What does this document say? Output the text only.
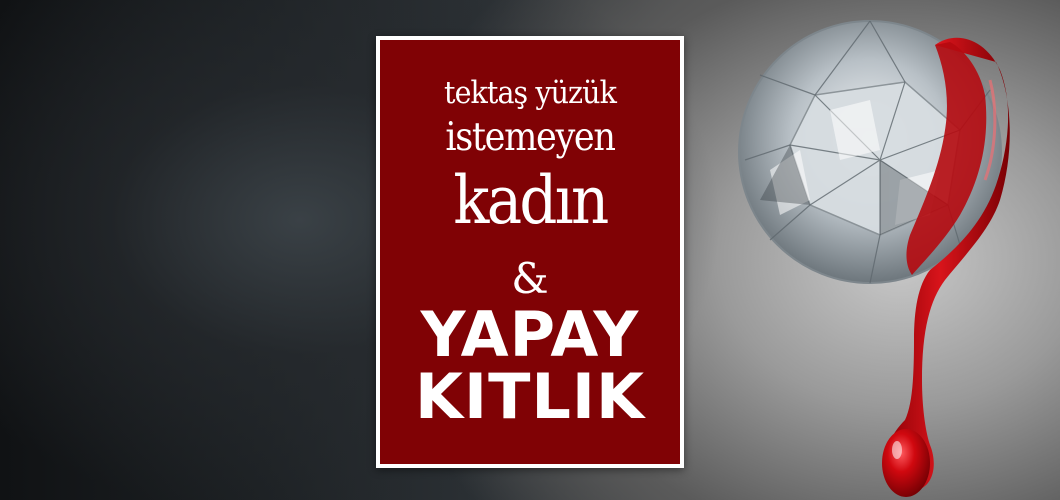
tektaş yüzük
istemeyen
kadın
&
YAPAY
KITLIK
